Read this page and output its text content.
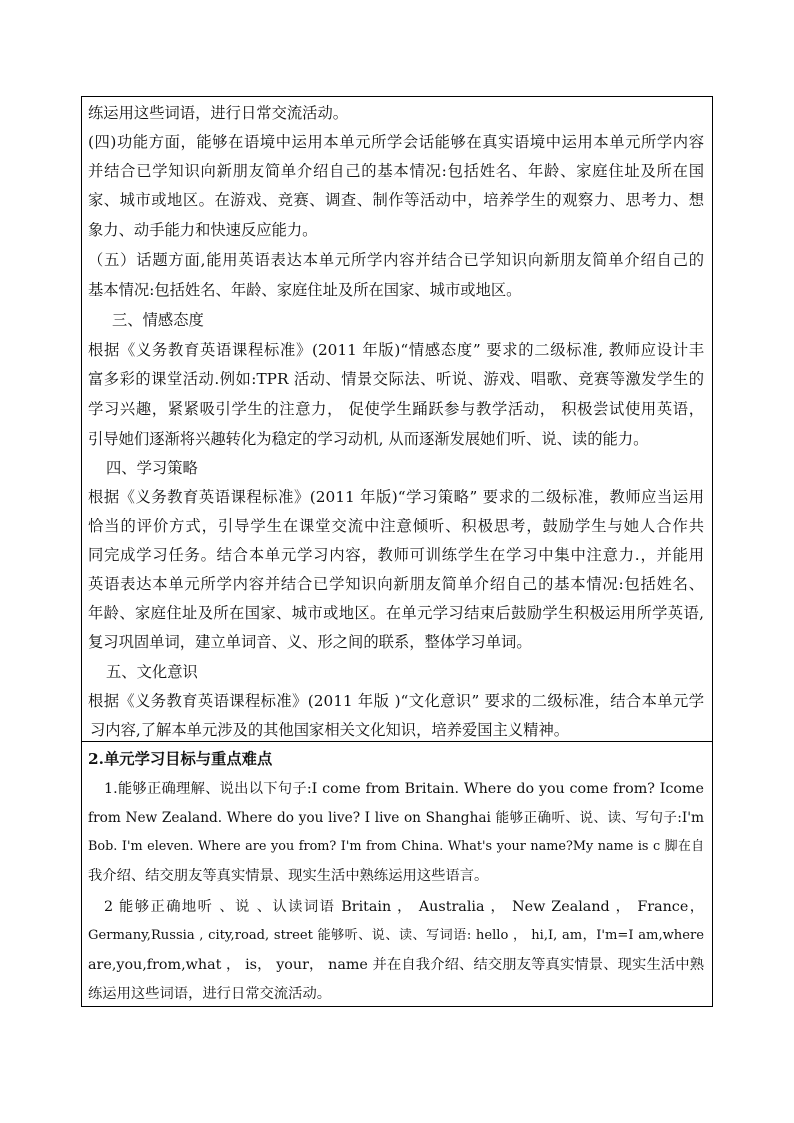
练运用这些词语，进行日常交流活动。
(四)功能方面，能够在语境中运用本单元所学会话能够在真实语境中运用本单元所学内容
并结合已学知识向新朋友简单介绍自己的基本情况:包括姓名、年龄、家庭住址及所在国
家、城市或地区。在游戏、竞赛、调查、制作等活动中，培养学生的观察力、思考力、想
象力、动手能力和快速反应能力。
（五）话题方面,能用英语表达本单元所学内容并结合已学知识向新朋友简单介绍自己的
基本情况:包括姓名、年龄、家庭住址及所在国家、城市或地区。
三、情感态度
根据《义务教育英语课程标准》(2011 年版)“情感态度” 要求的二级标准, 教师应设计丰
富多彩的课堂活动.例如:TPR 活动、情景交际法、听说、游戏、唱歌、竞赛等激发学生的
学习兴趣，紧紧吸引学生的注意力， 促使学生踊跃参与教学活动， 积极尝试使用英语，
引导她们逐渐将兴趣转化为稳定的学习动机, 从而逐渐发展她们听、说、读的能力。
四、学习策略
根据《义务教育英语课程标准》(2011 年版)“学习策略” 要求的二级标准，教师应当运用
恰当的评价方式，引导学生在课堂交流中注意倾听、积极思考，鼓励学生与她人合作共
同完成学习任务。结合本单元学习内容，教师可训练学生在学习中集中注意力.，并能用
英语表达本单元所学内容并结合已学知识向新朋友简单介绍自己的基本情况:包括姓名、
年龄、家庭住址及所在国家、城市或地区。在单元学习结束后鼓励学生积极运用所学英语,
复习巩固单词，建立单词音、义、形之间的联系，整体学习单词。
五、文化意识
根据《义务教育英语课程标准》(2011 年版 )“文化意识” 要求的二级标准，结合本单元学
习内容,了解本单元涉及的其他国家相关文化知识，培养爱国主义精神。
2.单元学习目标与重点难点
1.能够正确理解、说出以下句子:I come from Britain. Where do you come from? Icome
from New Zealand. Where do you live? I live on Shanghai 能够正确听、说、读、写句子:I'm
Bob. I'm eleven. Where are you from? I'm from China. What's your name?My name is c 脚在自
我介绍、结交朋友等真实情景、现实生活中熟练运用这些语言。
2 能够正确地听 、说 、认读词语 Britain ， Australia ， New Zealand ， France，
Germany,Russia , city,road, street 能够听、说、读、写词语: hello ， hi,I, am，I'm=I am,where
are,you,from,what ， is， your， name 并在自我介绍、结交朋友等真实情景、现实生活中熟
练运用这些词语，进行日常交流活动。
